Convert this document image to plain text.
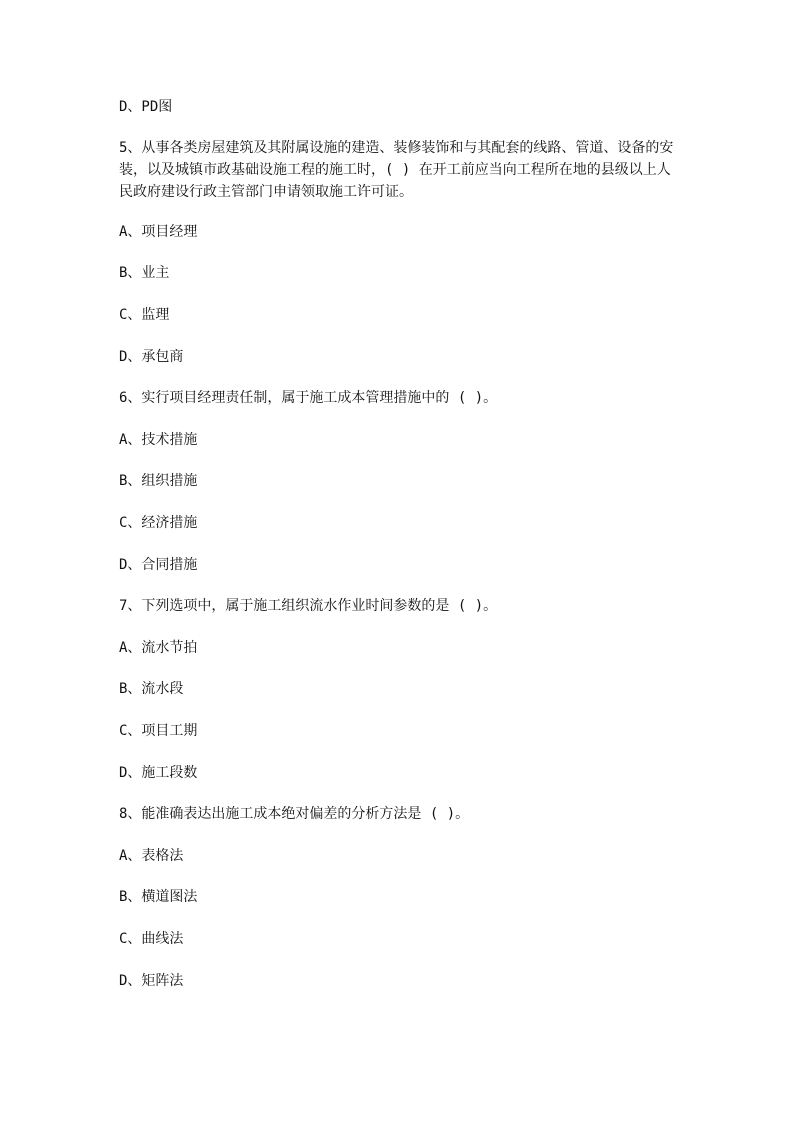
D、PD图
5、从事各类房屋建筑及其附属设施的建造、装修装饰和与其配套的线路、管道、设备的安装，以及城镇市政基础设施工程的施工时，( ) 在开工前应当向工程所在地的县级以上人民政府建设行政主管部门申请领取施工许可证。
A、项目经理
B、业主
C、监理
D、承包商
6、实行项目经理责任制，属于施工成本管理措施中的 ( )。
A、技术措施
B、组织措施
C、经济措施
D、合同措施
7、下列选项中，属于施工组织流水作业时间参数的是 ( )。
A、流水节拍
B、流水段
C、项目工期
D、施工段数
8、能准确表达出施工成本绝对偏差的分析方法是 ( )。
A、表格法
B、横道图法
C、曲线法
D、矩阵法
